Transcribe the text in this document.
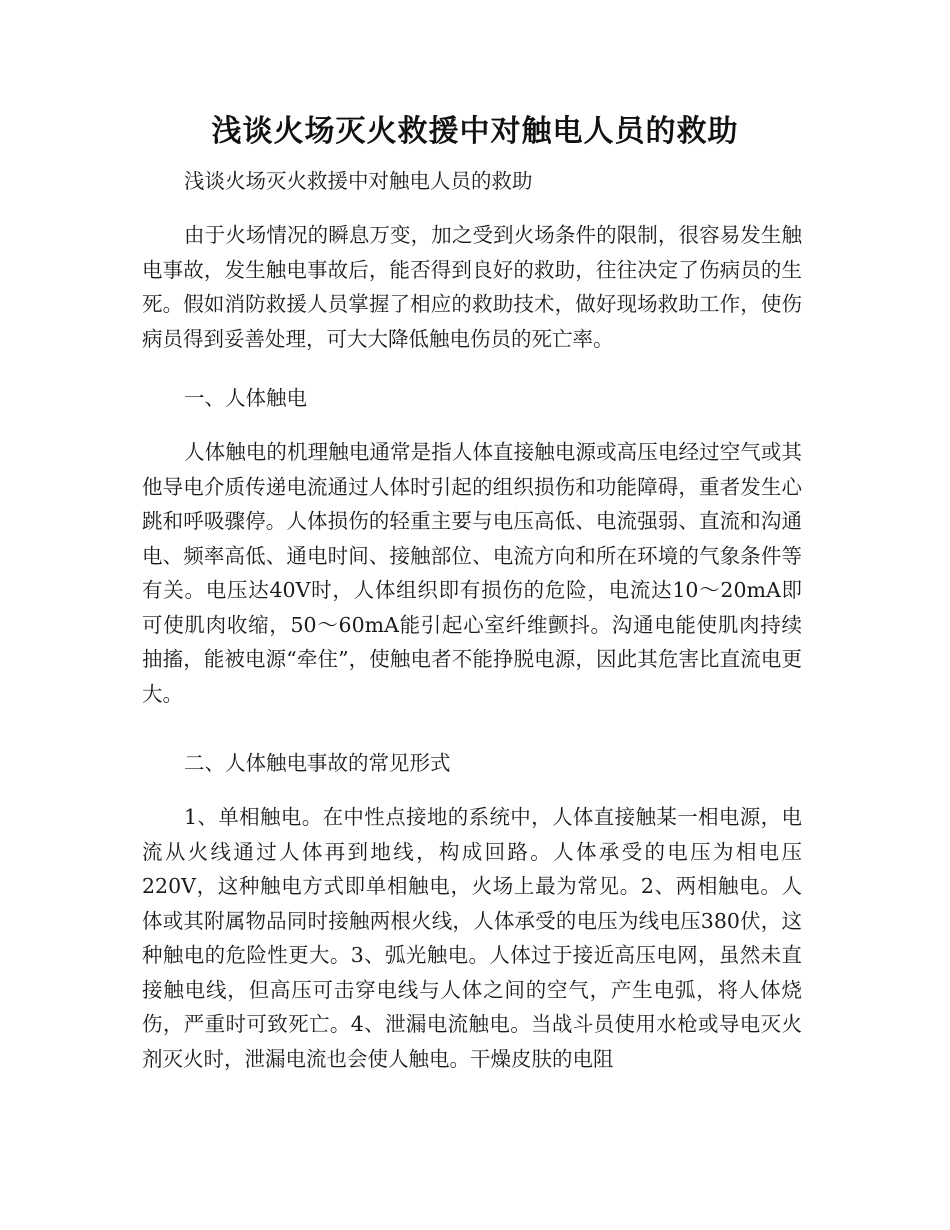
浅谈火场灭火救援中对触电人员的救助

浅谈火场灭火救援中对触电人员的救助

由于火场情况的瞬息万变，加之受到火场条件的限制，很容易发生触电事故，发生触电事故后，能否得到良好的救助，往往决定了伤病员的生死。假如消防救援人员掌握了相应的救助技术，做好现场救助工作，使伤病员得到妥善处理，可大大降低触电伤员的死亡率。

一、人体触电

人体触电的机理触电通常是指人体直接触电源或高压电经过空气或其他导电介质传递电流通过人体时引起的组织损伤和功能障碍，重者发生心跳和呼吸骤停。人体损伤的轻重主要与电压高低、电流强弱、直流和沟通电、频率高低、通电时间、接触部位、电流方向和所在环境的气象条件等有关。电压达40V时，人体组织即有损伤的危险，电流达10～20mA即可使肌肉收缩，50～60mA能引起心室纤维颤抖。沟通电能使肌肉持续抽搐，能被电源“牵住”，使触电者不能挣脱电源，因此其危害比直流电更大。

二、人体触电事故的常见形式

1、单相触电。在中性点接地的系统中，人体直接触某一相电源，电流从火线通过人体再到地线，构成回路。人体承受的电压为相电压220V，这种触电方式即单相触电，火场上最为常见。2、两相触电。人体或其附属物品同时接触两根火线，人体承受的电压为线电压380伏，这种触电的危险性更大。3、弧光触电。人体过于接近高压电网，虽然未直接触电线，但高压可击穿电线与人体之间的空气，产生电弧，将人体烧伤，严重时可致死亡。4、泄漏电流触电。当战斗员使用水枪或导电灭火剂灭火时，泄漏电流也会使人触电。干燥皮肤的电阻
